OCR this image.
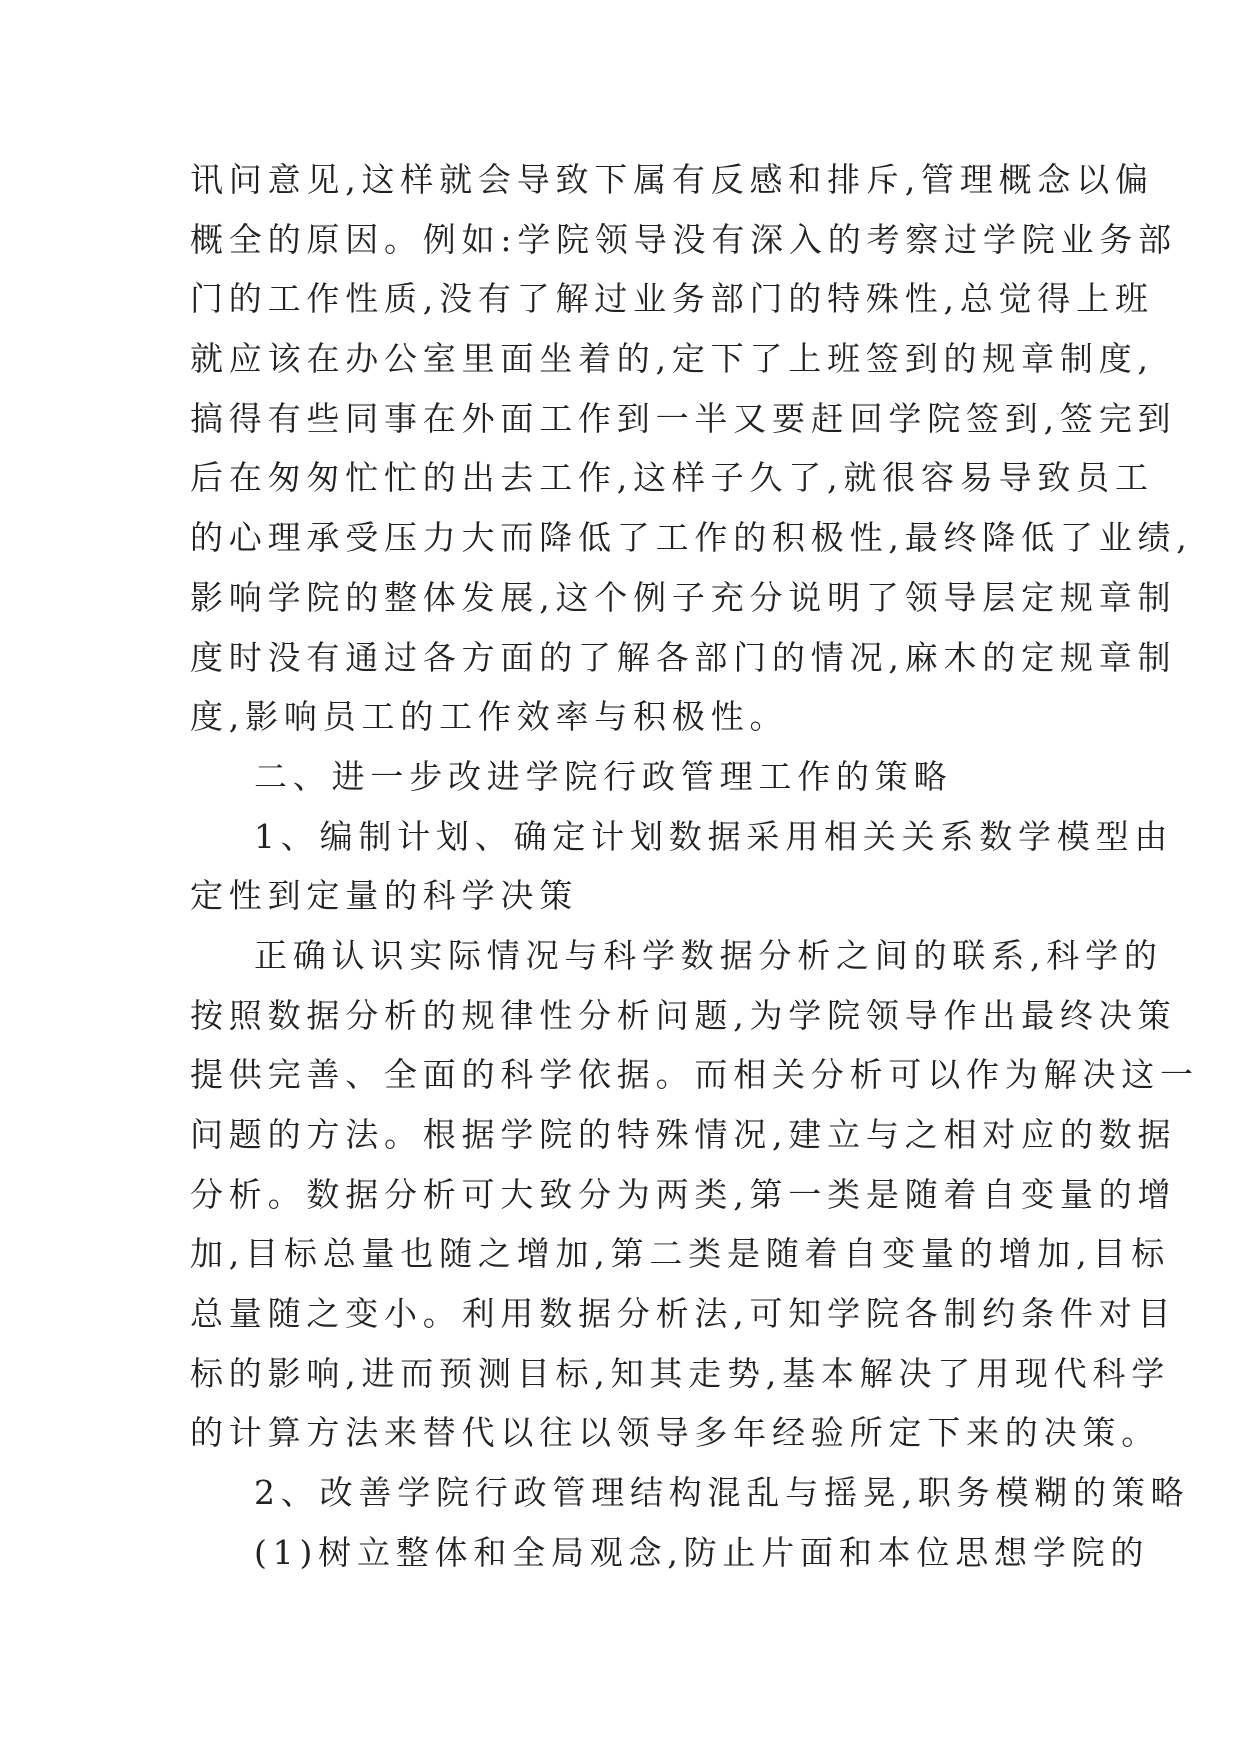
讯问意见,这样就会导致下属有反感和排斥,管理概念以偏
概全的原因。例如:学院领导没有深入的考察过学院业务部
门的工作性质,没有了解过业务部门的特殊性,总觉得上班
就应该在办公室里面坐着的,定下了上班签到的规章制度,
搞得有些同事在外面工作到一半又要赶回学院签到,签完到
后在匆匆忙忙的出去工作,这样子久了,就很容易导致员工
的心理承受压力大而降低了工作的积极性,最终降低了业绩,
影响学院的整体发展,这个例子充分说明了领导层定规章制
度时没有通过各方面的了解各部门的情况,麻木的定规章制
度,影响员工的工作效率与积极性。
二、进一步改进学院行政管理工作的策略
1、编制计划、确定计划数据采用相关关系数学模型由
定性到定量的科学决策
正确认识实际情况与科学数据分析之间的联系,科学的
按照数据分析的规律性分析问题,为学院领导作出最终决策
提供完善、全面的科学依据。而相关分析可以作为解决这一
问题的方法。根据学院的特殊情况,建立与之相对应的数据
分析。数据分析可大致分为两类,第一类是随着自变量的增
加,目标总量也随之增加,第二类是随着自变量的增加,目标
总量随之变小。利用数据分析法,可知学院各制约条件对目
标的影响,进而预测目标,知其走势,基本解决了用现代科学
的计算方法来替代以往以领导多年经验所定下来的决策。
2、改善学院行政管理结构混乱与摇晃,职务模糊的策略
(1)树立整体和全局观念,防止片面和本位思想学院的
